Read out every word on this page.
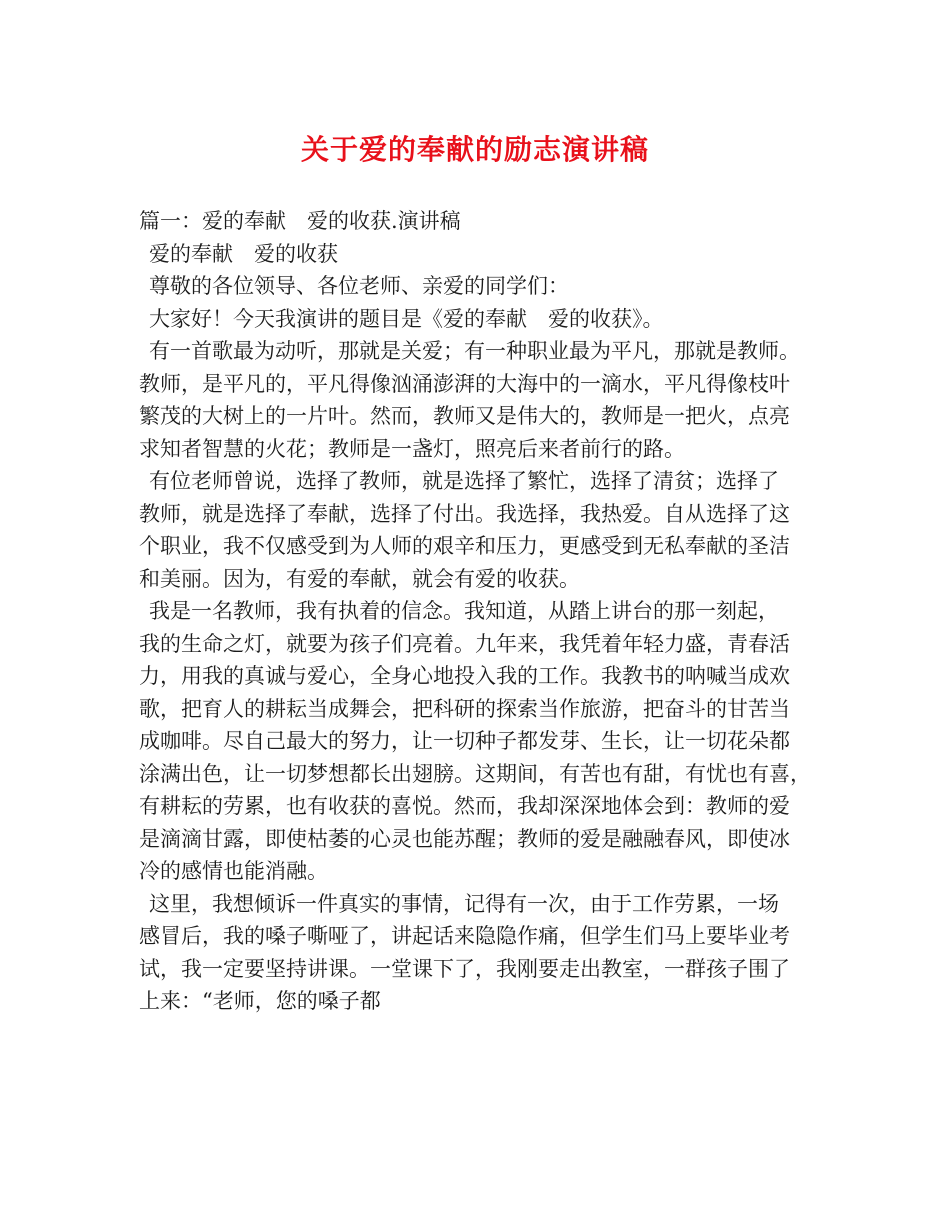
关于爱的奉献的励志演讲稿
篇一：爱的奉献　爱的收获.演讲稿
爱的奉献　爱的收获
尊敬的各位领导、各位老师、亲爱的同学们：
大家好！今天我演讲的题目是《爱的奉献　爱的收获》。
有一首歌最为动听，那就是关爱；有一种职业最为平凡，那就是教师。
教师，是平凡的，平凡得像汹涌澎湃的大海中的一滴水，平凡得像枝叶
繁茂的大树上的一片叶。然而，教师又是伟大的，教师是一把火，点亮
求知者智慧的火花；教师是一盏灯，照亮后来者前行的路。
有位老师曾说，选择了教师，就是选择了繁忙，选择了清贫；选择了
教师，就是选择了奉献，选择了付出。我选择，我热爱。自从选择了这
个职业，我不仅感受到为人师的艰辛和压力，更感受到无私奉献的圣洁
和美丽。因为，有爱的奉献，就会有爱的收获。
我是一名教师，我有执着的信念。我知道，从踏上讲台的那一刻起，
我的生命之灯，就要为孩子们亮着。九年来，我凭着年轻力盛，青春活
力，用我的真诚与爱心，全身心地投入我的工作。我教书的呐喊当成欢
歌，把育人的耕耘当成舞会，把科研的探索当作旅游，把奋斗的甘苦当
成咖啡。尽自己最大的努力，让一切种子都发芽、生长，让一切花朵都
涂满出色，让一切梦想都长出翅膀。这期间，有苦也有甜，有忧也有喜，
有耕耘的劳累，也有收获的喜悦。然而，我却深深地体会到：教师的爱
是滴滴甘露，即使枯萎的心灵也能苏醒；教师的爱是融融春风，即使冰
冷的感情也能消融。
这里，我想倾诉一件真实的事情，记得有一次，由于工作劳累，一场
感冒后，我的嗓子嘶哑了，讲起话来隐隐作痛，但学生们马上要毕业考
试，我一定要坚持讲课。一堂课下了，我刚要走出教室，一群孩子围了
上来：“老师，您的嗓子都
